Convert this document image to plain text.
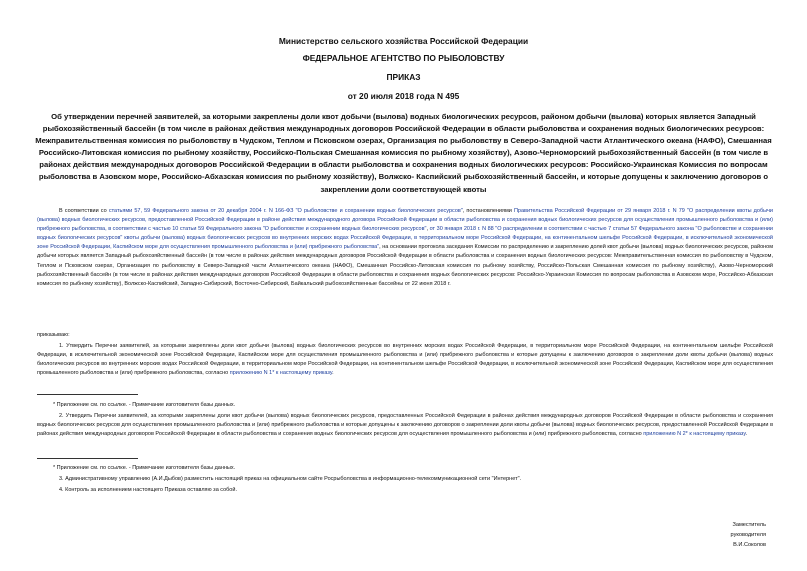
Министерство сельского хозяйства Российской Федерации
ФЕДЕРАЛЬНОЕ АГЕНТСТВО ПО РЫБОЛОВСТВУ
ПРИКАЗ
от 20 июля 2018 года N 495
Об утверждении перечней заявителей, за которыми закреплены доли квот добычи (вылова) водных биологических ресурсов, районом добычи (вылова) которых является Западный рыбохозяйственный бассейн (в том числе в районах действия международных договоров Российской Федерации в области рыболовства и сохранения водных биологических ресурсов: Межправительственная комиссия по рыболовству в Чудском, Теплом и Псковском озерах, Организация по рыболовству в Северо-Западной части Атлантического океана (НАФО), Смешанная Российско-Литовская комиссия по рыбному хозяйству, Российско-Польская Смешанная комиссия по рыбному хозяйству), Азово-Черноморский рыбохозяйственный бассейн (в том числе в районах действия международных договоров Российской Федерации в области рыболовства и сохранения водных биологических ресурсов: Российско-Украинская Комиссия по вопросам рыболовства в Азовском море, Российско-Абхазская комиссия по рыбному хозяйству), Волжско- Каспийский рыбохозяйственный бассейн, и которые допущены к заключению договоров о закреплении доли соответствующей квоты
В соответствии со статьями 57, 59 Федерального закона от 20 декабря 2004 г. N 166-ФЗ "О рыболовстве и сохранении водных биологических ресурсов", постановлениями Правительства Российской Федерации от 29 января 2018 г. N 79 "О распределении квоты добычи (вылова) водных биологических ресурсов, предоставленной Российской Федерации в районе действия международного договора Российской Федерации в области рыболовства и сохранения водных биологических ресурсов для осуществления промышленного рыболовства и (или) прибрежного рыболовства, в соответствии с частью 10 статьи 59 Федерального закона "О рыболовстве и сохранении водных биологических ресурсов", от 30 января 2018 г. N 88 "О распределении в соответствии с частью 7 статьи 57 Федерального закона "О рыболовстве и сохранении водных биологических ресурсов" квоты добычи (вылова) водных биологических ресурсов во внутренних морских водах Российской Федерации, в территориальном море Российской Федерации, на континентальном шельфе Российской Федерации, в исключительной экономической зоне Российской Федерации, Каспийском море для осуществления промышленного рыболовства и (или) прибрежного рыболовства", на основании протокола заседания Комиссии по распределению и закреплению долей квот добычи (вылова) водных биологических ресурсов, районом добычи которых является Западный рыбохозяйственный бассейн (в том числе в районах действия международных договоров Российской Федерации в области рыболовства и сохранения водных биологических ресурсов: Межправительственная комиссия по рыболовству в Чудском, Теплом и Псковском озерах, Организация по рыболовству в Северо-Западной части Атлантического океана (НАФО), Смешанная Российско-Литовская комиссия по рыбному хозяйству, Российско-Польская Смешанная комиссия по рыбному хозяйству), Азово-Черноморский рыбохозяйственный бассейн (в том числе в районах действия международных договоров Российской Федерации в области рыболовства и сохранения водных биологических ресурсов: Российско-Украинская Комиссия по вопросам рыболовства в Азовском море, Российско-Абхазская комиссия по рыбному хозяйству), Волжско-Каспийский, Западно-Сибирский, Восточно-Сибирский, Байкальский рыбохозяйственные бассейны от 22 июня 2018 г.
приказываю:
1. Утвердить Перечни заявителей, за которыми закреплены доли квот добычи (вылова) водных биологических ресурсов во внутренних морских водах Российской Федерации, в территориальном море Российской Федерации, на континентальном шельфе Российской Федерации, в исключительной экономической зоне Российской Федерации, Каспийском море для осуществления промышленного рыболовства и (или) прибрежного рыболовства и которые допущены к заключению договоров о закреплении доли квоты добычи (вылова) водных биологических ресурсов во внутренних морских водах Российской Федерации, в территориальном море Российской Федерации, на континентальном шельфе Российской Федерации, в исключительной экономической зоне Российской Федерации, Каспийском море для осуществления промышленного рыболовства и (или) прибрежного рыболовства, согласно приложению N 1* к настоящему приказу.
* Приложение см. по ссылке. - Примечание изготовителя базы данных.
2. Утвердить Перечни заявителей, за которыми закреплены доли квот добычи (вылова) водных биологических ресурсов, предоставленных Российской Федерации в районах действия международных договоров Российской Федерации в области рыболовства и сохранения водных биологических ресурсов для осуществления промышленного рыболовства и (или) прибрежного рыболовства и которые допущены к заключению договоров о закреплении доли квоты добычи (вылова) водных биологических ресурсов, предоставленной Российской Федерации в районах действия международных договоров Российской Федерации в области рыболовства и сохранения водных биологических ресурсов для осуществления промышленного рыболовства и (или) прибрежного рыболовства, согласно приложению N 2* к настоящему приказу.
* Приложение см. по ссылке. - Примечание изготовителя базы данных.
3. Административному управлению (А.И.Дыбов) разместить настоящий приказ на официальном сайте Росрыболовства в информационно-телекоммуникационной сети "Интернет".
4. Контроль за исполнением настоящего Приказа оставляю за собой.
Заместитель
руководителя
В.И.Соколов
